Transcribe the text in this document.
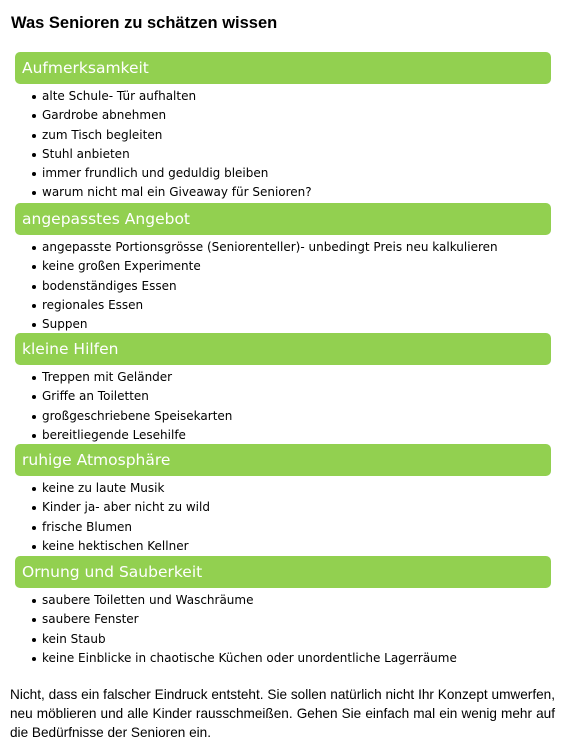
Was Senioren zu schätzen wissen
Aufmerksamkeit
alte Schule- Tür aufhalten
Gardrobe abnehmen
zum Tisch begleiten
Stuhl anbieten
immer frundlich und geduldig bleiben
warum nicht mal ein Giveaway für Senioren?
angepasstes Angebot
angepasste Portionsgrösse (Seniorenteller)- unbedingt Preis neu kalkulieren
keine großen Experimente
bodenständiges Essen
regionales Essen
Suppen
kleine Hilfen
Treppen mit Geländer
Griffe an Toiletten
großgeschriebene Speisekarten
bereitliegende Lesehilfe
ruhige Atmosphäre
keine zu laute Musik
Kinder ja- aber nicht zu wild
frische Blumen
keine hektischen Kellner
Ornung und Sauberkeit
saubere Toiletten und Waschräume
saubere Fenster
kein Staub
keine Einblicke in chaotische Küchen oder unordentliche Lagerräume

Nicht, dass ein falscher Eindruck entsteht. Sie sollen natürlich nicht Ihr Konzept umwerfen, neu möblieren und alle Kinder rausschmeißen. Gehen Sie einfach mal ein wenig mehr auf die Bedürfnisse der Senioren ein.
